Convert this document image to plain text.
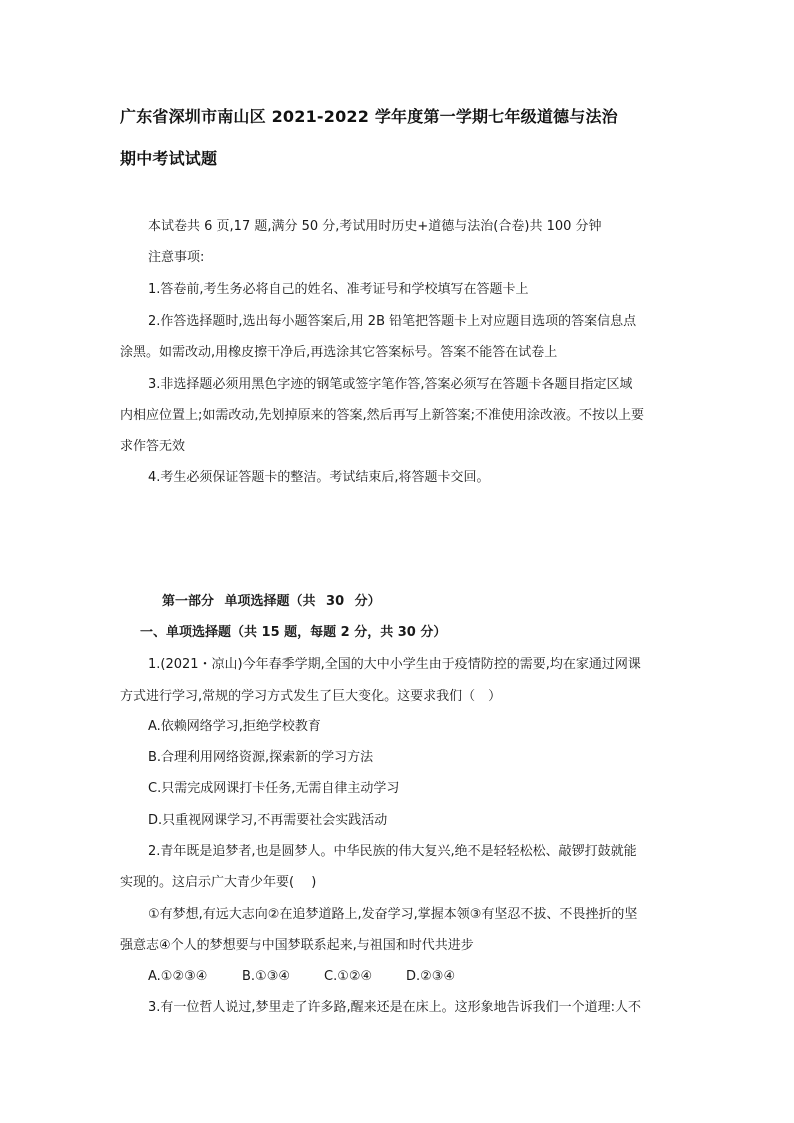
广东省深圳市南山区 2021-2022 学年度第一学期七年级道德与法治
期中考试试题
本试卷共 6 页,17 题,满分 50 分,考试用时历史+道德与法治(合卷)共 100 分钟
注意事项:
1.答卷前,考生务必将自己的姓名、准考证号和学校填写在答题卡上
2.作答选择题时,选出每小题答案后,用 2B 铅笔把答题卡上对应题目选项的答案信息点
涂黑。如需改动,用橡皮擦干净后,再选涂其它答案标号。答案不能答在试卷上
3.非选择题必须用黑色字迹的钢笔或签字笔作答,答案必须写在答题卡各题目指定区域
内相应位置上;如需改动,先划掉原来的答案,然后再写上新答案;不准使用涂改液。不按以上要
求作答无效
4.考生必须保证答题卡的整洁。考试结束后,将答题卡交回。
第一部分 单项选择题（共 30 分）
一、单项选择题（共 15 题，每题 2 分，共 30 分）
1.(2021・凉山)今年春季学期,全国的大中小学生由于疫情防控的需要,均在家通过网课
方式进行学习,常规的学习方式发生了巨大变化。这要求我们（　）
A.依赖网络学习,拒绝学校教育
B.合理利用网络资源,探索新的学习方法
C.只需完成网课打卡任务,无需自律主动学习
D.只重视网课学习,不再需要社会实践活动
2.青年既是追梦者,也是圆梦人。中华民族的伟大复兴,绝不是轻轻松松、敲锣打鼓就能
实现的。这启示广大青少年要(　 )
①有梦想,有远大志向②在追梦道路上,发奋学习,掌握本领③有坚忍不拔、不畏挫折的坚
强意志④个人的梦想要与中国梦联系起来,与祖国和时代共进步
A.①②③④	B.①③④	C.①②④	D.②③④
3.有一位哲人说过,梦里走了许多路,醒来还是在床上。这形象地告诉我们一个道理:人不
